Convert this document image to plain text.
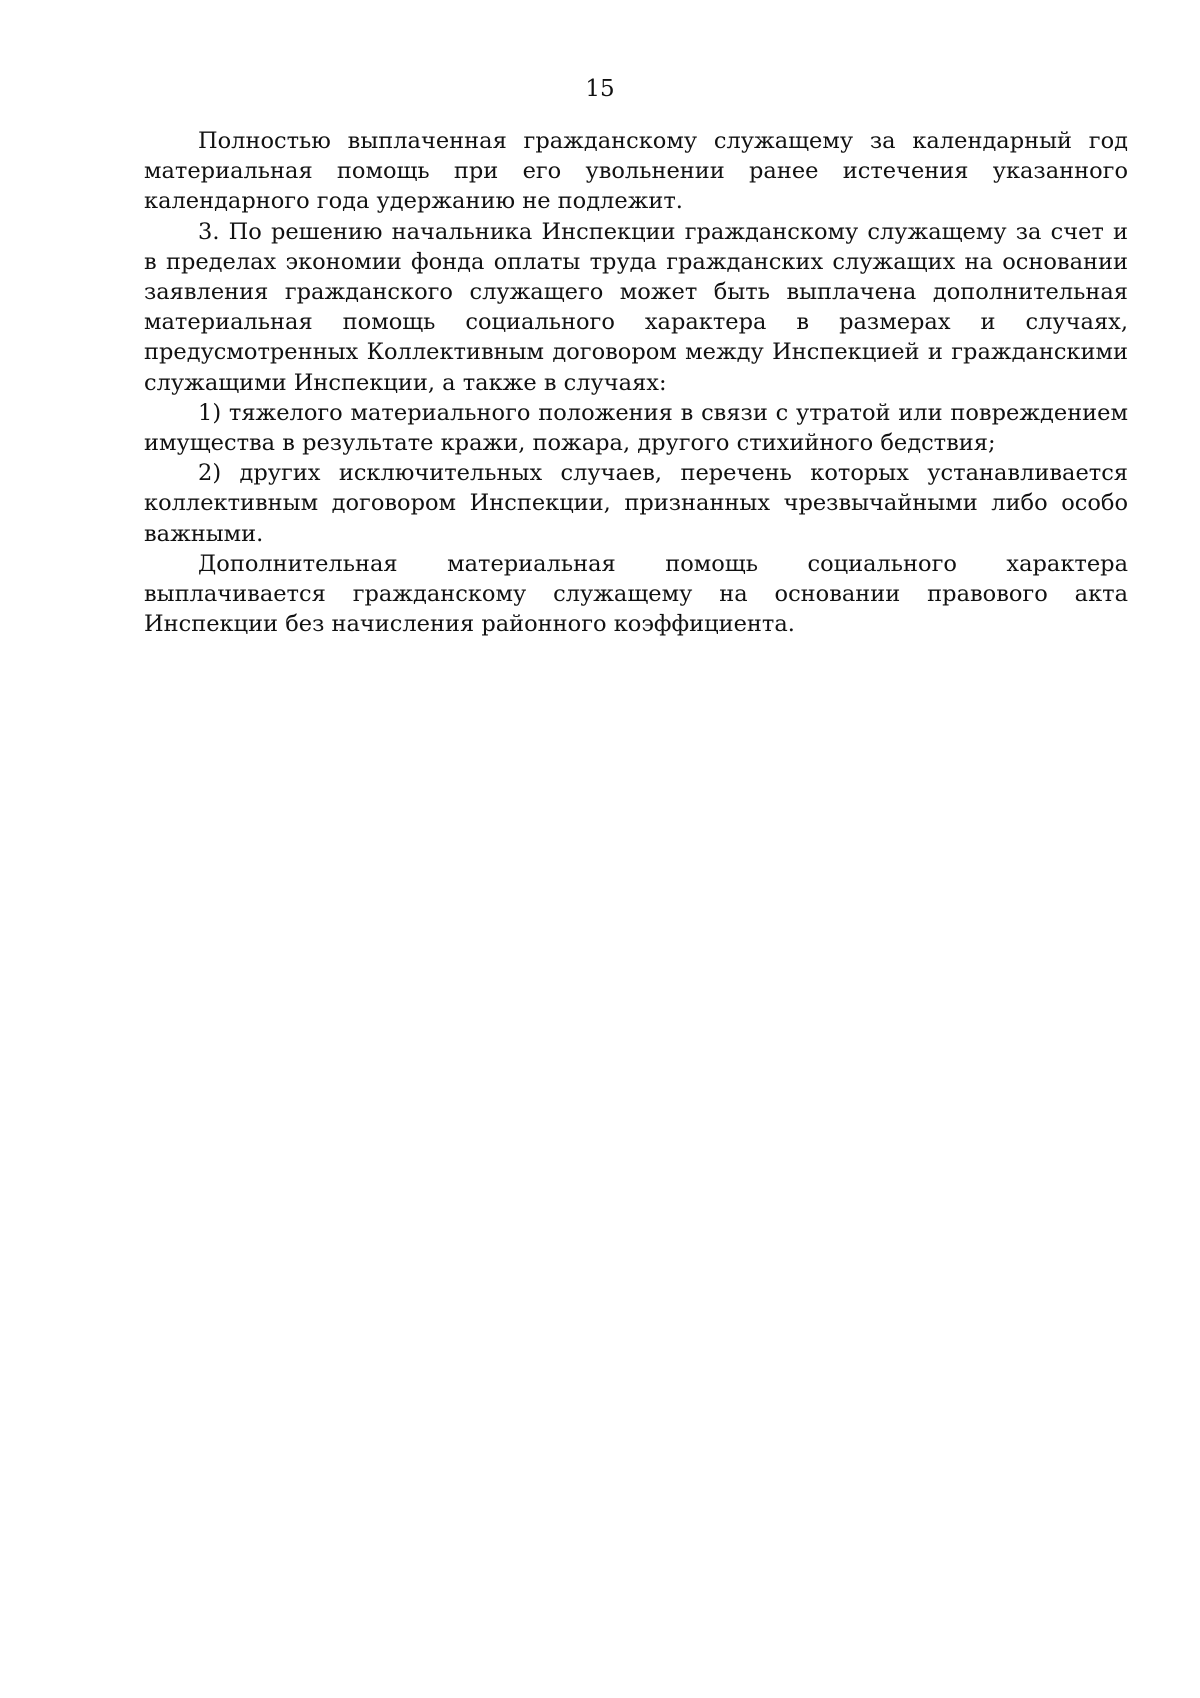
15

Полностью выплаченная гражданскому служащему за календарный год материальная помощь при его увольнении ранее истечения указанного календарного года удержанию не подлежит.

3. По решению начальника Инспекции гражданскому служащему за счет и в пределах экономии фонда оплаты труда гражданских служащих на основании заявления гражданского служащего может быть выплачена дополнительная материальная помощь социального характера в размерах и случаях, предусмотренных Коллективным договором между Инспекцией и гражданскими служащими Инспекции, а также в случаях:

1) тяжелого материального положения в связи с утратой или повреждением имущества в результате кражи, пожара, другого стихийного бедствия;

2) других исключительных случаев, перечень которых устанавливается коллективным договором Инспекции, признанных чрезвычайными либо особо важными.

Дополнительная материальная помощь социального характера выплачивается гражданскому служащему на основании правового акта Инспекции без начисления районного коэффициента.
